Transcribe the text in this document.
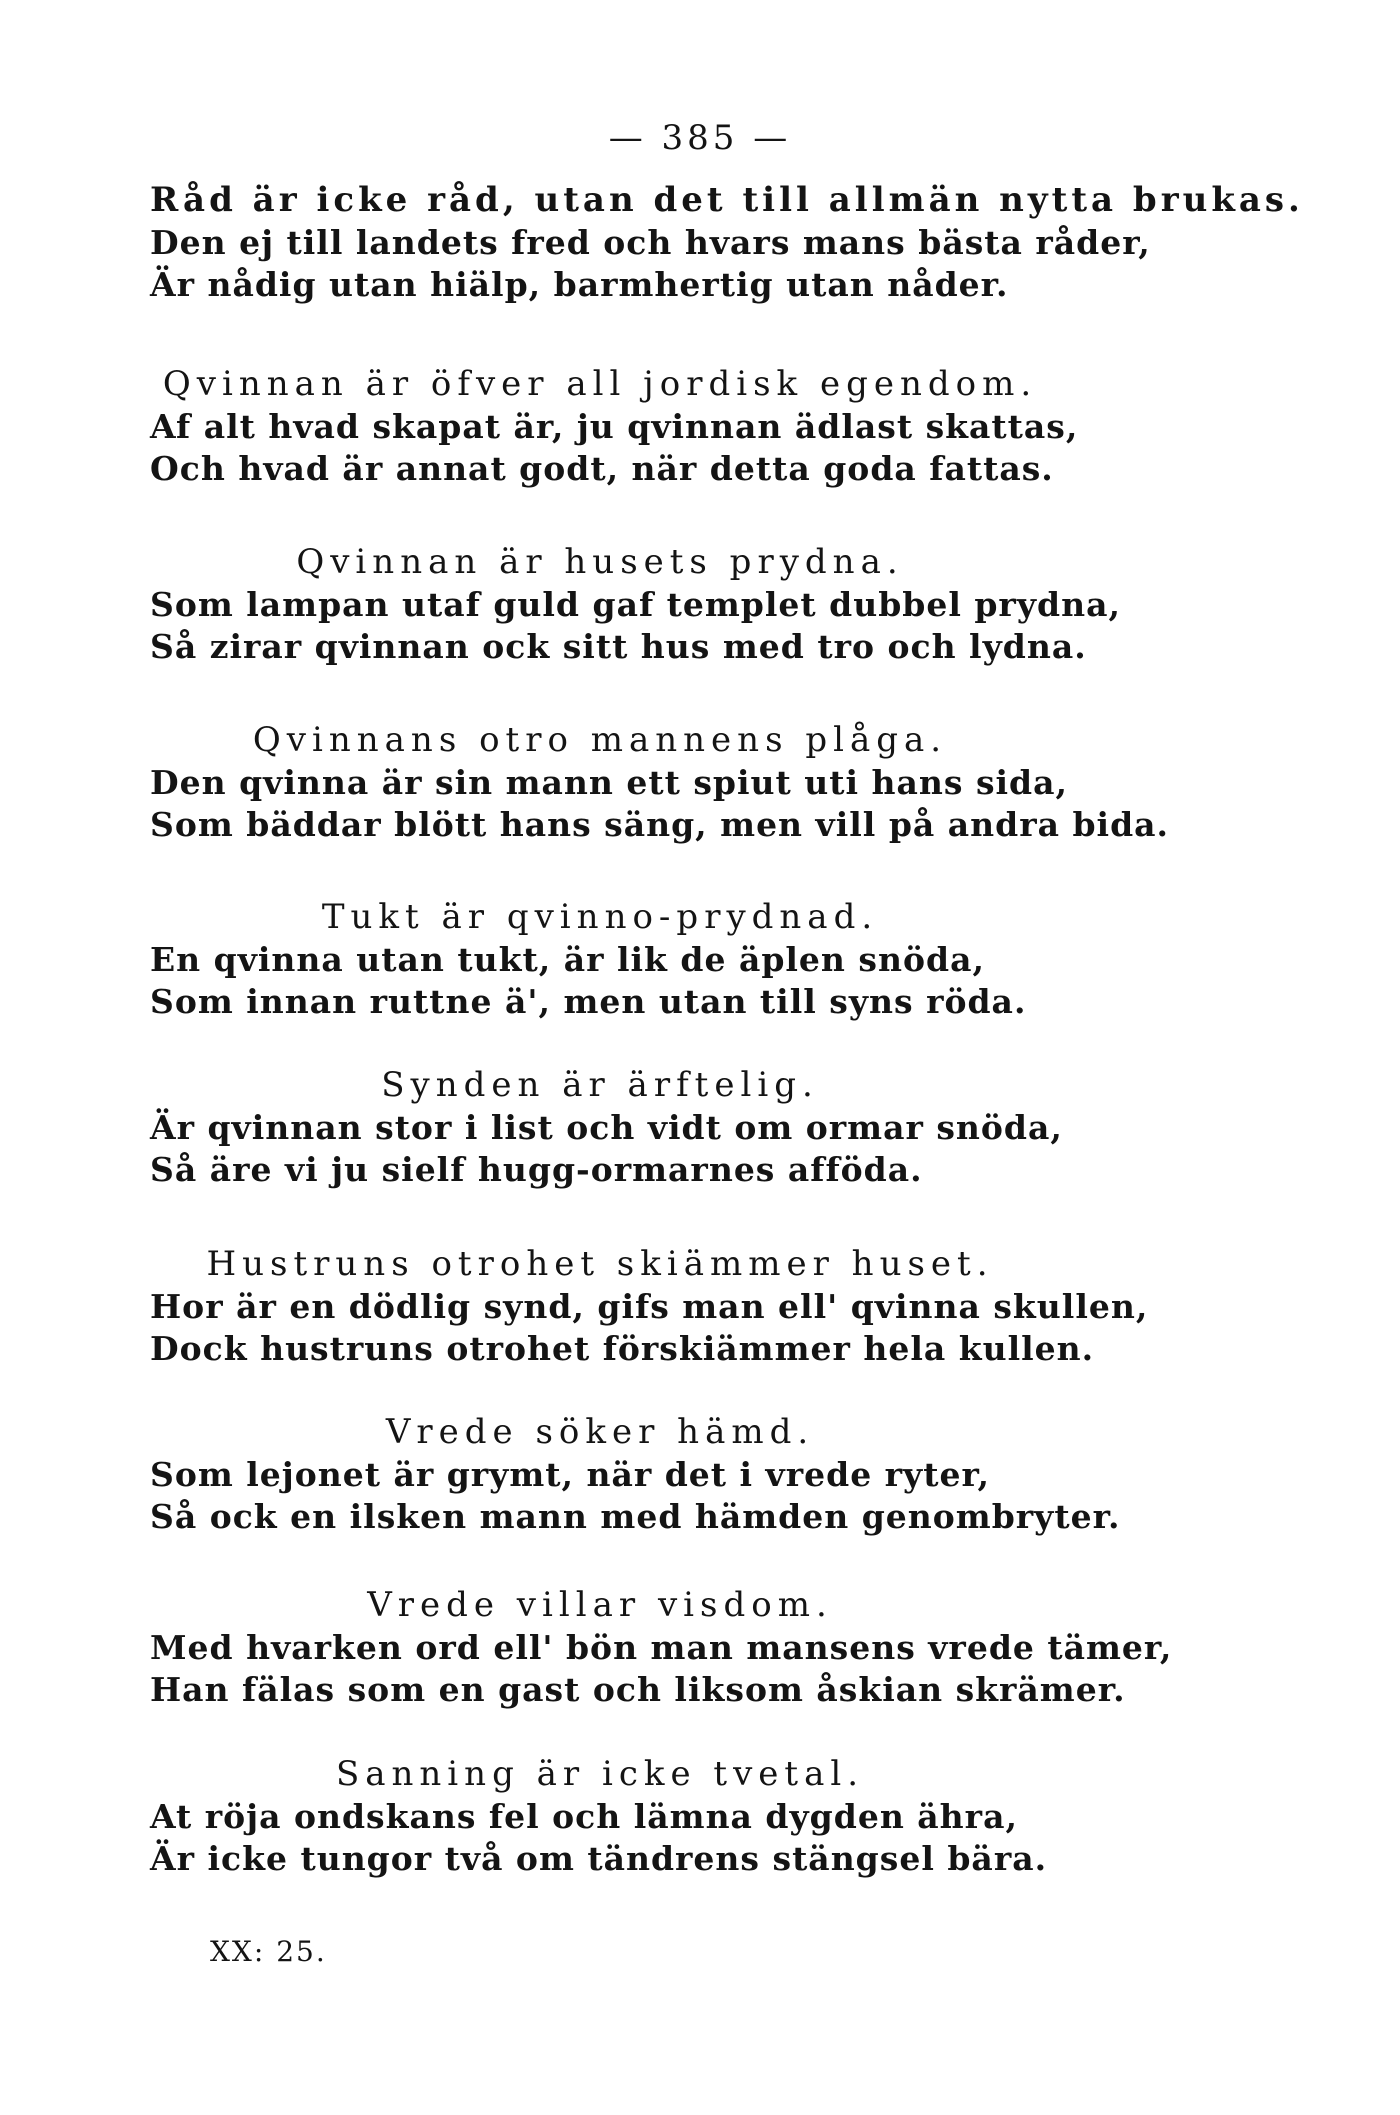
— 385 —
Råd är icke råd, utan det till allmän nytta brukas.
Den ej till landets fred och hvars mans bästa råder,
Är nådig utan hiälp, barmhertig utan nåder.
Qvinnan är öfver all jordisk egendom.
Af alt hvad skapat är, ju qvinnan ädlast skattas,
Och hvad är annat godt, när detta goda fattas.
Qvinnan är husets prydna.
Som lampan utaf guld gaf templet dubbel prydna,
Så zirar qvinnan ock sitt hus med tro och lydna.
Qvinnans otro mannens plåga.
Den qvinna är sin mann ett spiut uti hans sida,
Som bäddar blött hans säng, men vill på andra bida.
Tukt är qvinno-prydnad.
En qvinna utan tukt, är lik de äplen snöda,
Som innan ruttne ä', men utan till syns röda.
Synden är ärftelig.
Är qvinnan stor i list och vidt om ormar snöda,
Så äre vi ju sielf hugg-ormarnes afföda.
Hustruns otrohet skiämmer huset.
Hor är en dödlig synd, gifs man ell' qvinna skullen,
Dock hustruns otrohet förskiämmer hela kullen.
Vrede söker hämd.
Som lejonet är grymt, när det i vrede ryter,
Så ock en ilsken mann med hämden genombryter.
Vrede villar visdom.
Med hvarken ord ell' bön man mansens vrede tämer,
Han fälas som en gast och liksom åskian skrämer.
Sanning är icke tvetal.
At röja ondskans fel och lämna dygden ähra,
Är icke tungor två om tändrens stängsel bära.
XX: 25.
